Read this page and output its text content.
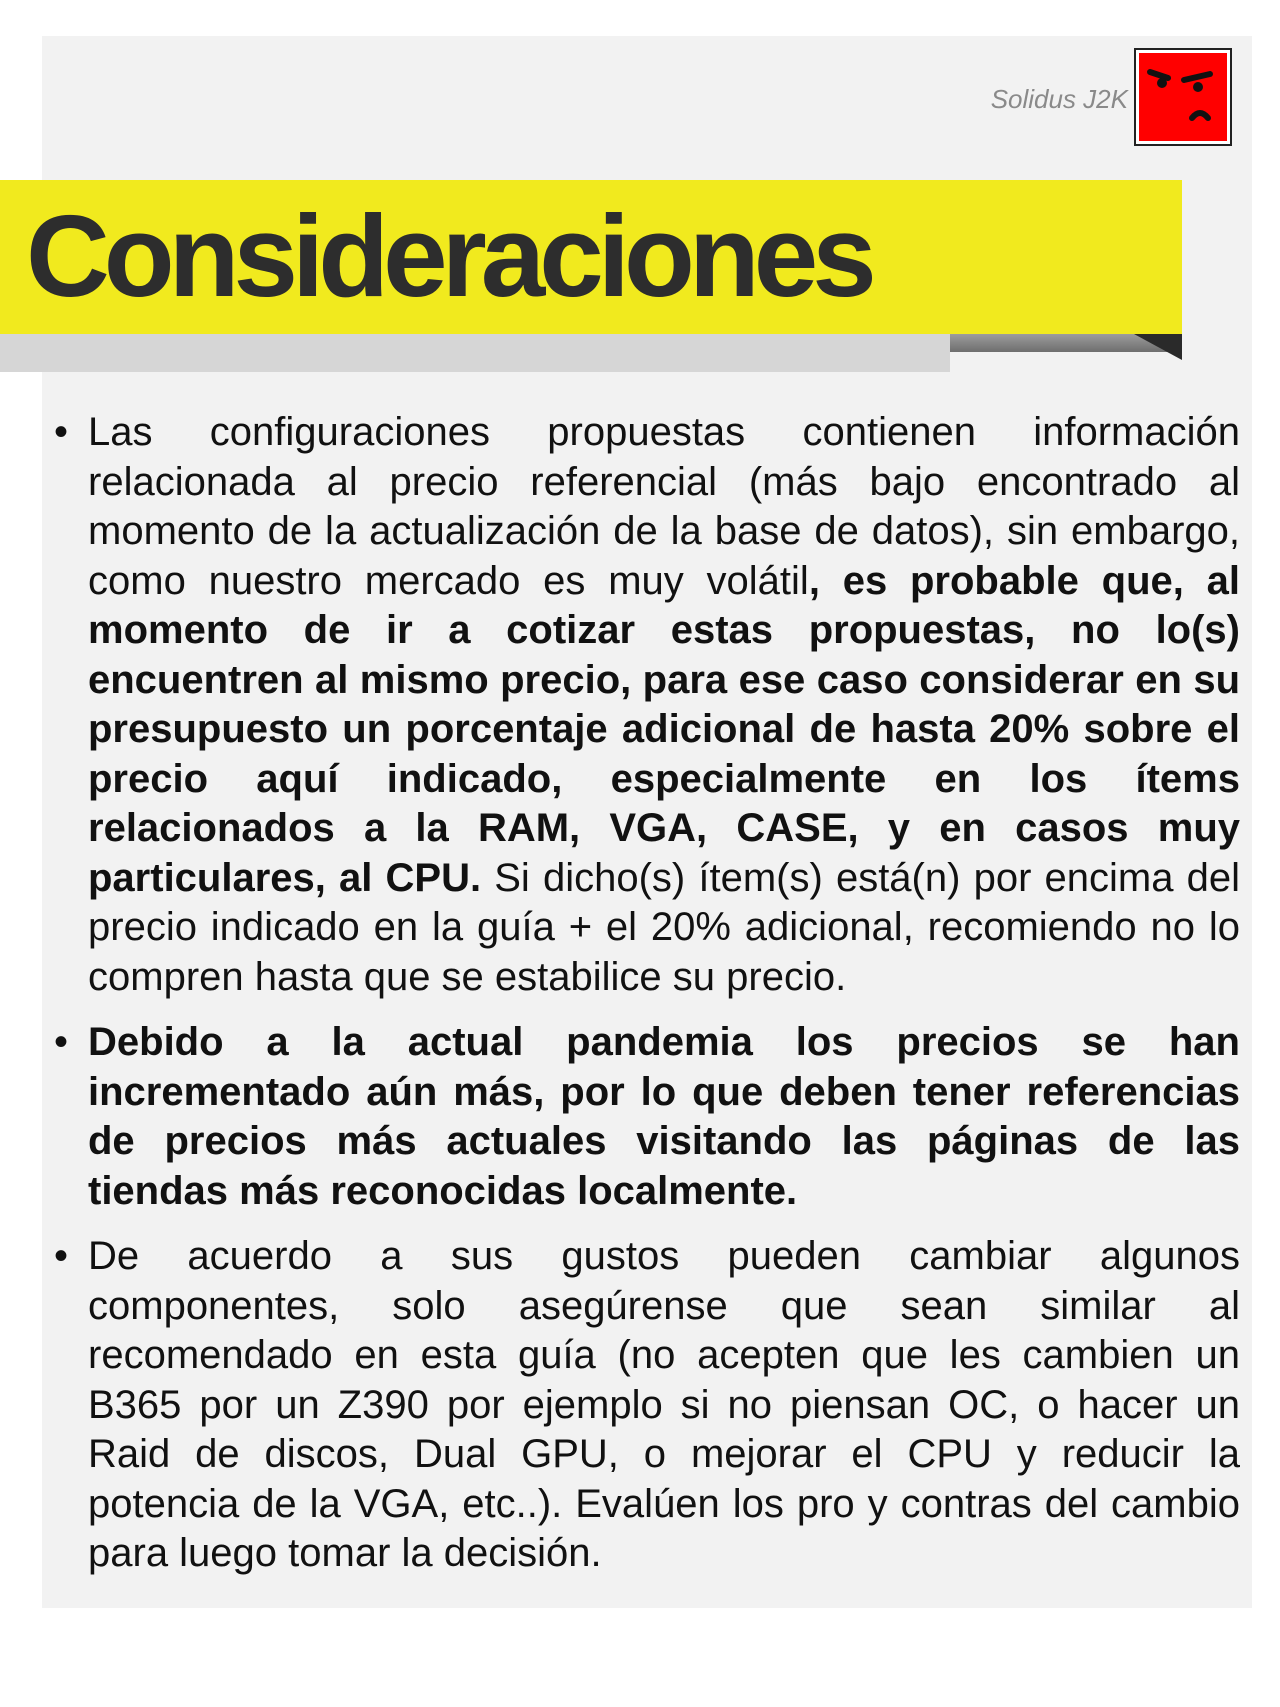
Solidus J2K
Consideraciones
• Las configuraciones propuestas contienen información relacionada al precio referencial (más bajo encontrado al momento de la actualización de la base de datos), sin embargo, como nuestro mercado es muy volátil, es probable que, al momento de ir a cotizar estas propuestas, no lo(s) encuentren al mismo precio, para ese caso considerar en su presupuesto un porcentaje adicional de hasta 20% sobre el precio aquí indicado, especialmente en los ítems relacionados a la RAM, VGA, CASE, y en casos muy particulares, al CPU. Si dicho(s) ítem(s) está(n) por encima del precio indicado en la guía + el 20% adicional, recomiendo no lo compren hasta que se estabilice su precio.
• Debido a la actual pandemia los precios se han incrementado aún más, por lo que deben tener referencias de precios más actuales visitando las páginas de las tiendas más reconocidas localmente.
• De acuerdo a sus gustos pueden cambiar algunos componentes, solo asegúrense que sean similar al recomendado en esta guía (no acepten que les cambien un B365 por un Z390 por ejemplo si no piensan OC, o hacer un Raid de discos, Dual GPU, o mejorar el CPU y reducir la potencia de la VGA, etc..). Evalúen los pro y contras del cambio para luego tomar la decisión.
